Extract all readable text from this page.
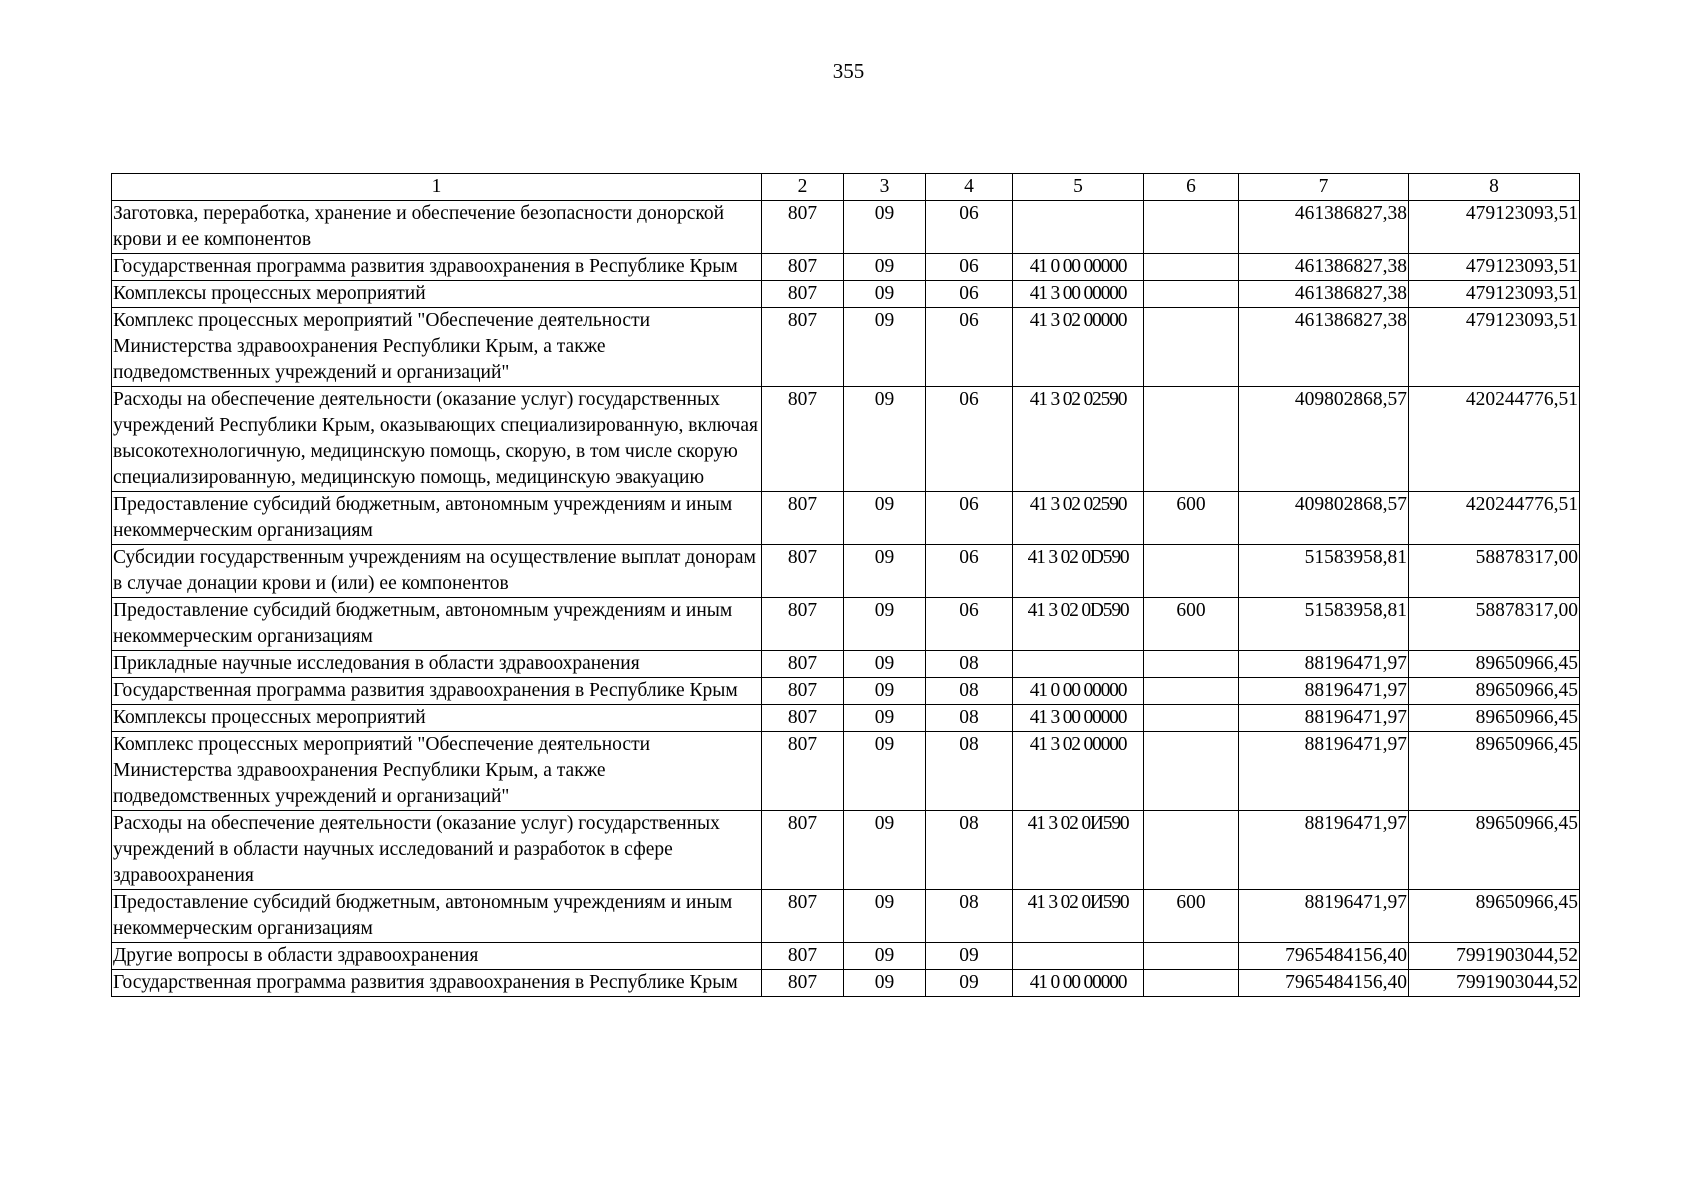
355
1	2	3	4	5	6	7	8
Заготовка, переработка, хранение и обеспечение безопасности донорской крови и ее компонентов	807	09	06			461386827,38	479123093,51
Государственная программа развития здравоохранения в Республике Крым	807	09	06	41 0 00 00000		461386827,38	479123093,51
Комплексы процессных мероприятий	807	09	06	41 3 00 00000		461386827,38	479123093,51
Комплекс процессных мероприятий "Обеспечение деятельности Министерства здравоохранения Республики Крым, а также подведомственных учреждений и организаций"	807	09	06	41 3 02 00000		461386827,38	479123093,51
Расходы на обеспечение деятельности (оказание услуг) государственных учреждений Республики Крым, оказывающих специализированную, включая высокотехнологичную, медицинскую помощь, скорую, в том числе скорую специализированную, медицинскую помощь, медицинскую эвакуацию	807	09	06	41 3 02 02590		409802868,57	420244776,51
Предоставление субсидий бюджетным, автономным учреждениям и иным некоммерческим организациям	807	09	06	41 3 02 02590	600	409802868,57	420244776,51
Субсидии государственным учреждениям на осуществление выплат донорам в случае донации крови и (или) ее компонентов	807	09	06	41 3 02 0D590		51583958,81	58878317,00
Предоставление субсидий бюджетным, автономным учреждениям и иным некоммерческим организациям	807	09	06	41 3 02 0D590	600	51583958,81	58878317,00
Прикладные научные исследования в области здравоохранения	807	09	08			88196471,97	89650966,45
Государственная программа развития здравоохранения в Республике Крым	807	09	08	41 0 00 00000		88196471,97	89650966,45
Комплексы процессных мероприятий	807	09	08	41 3 00 00000		88196471,97	89650966,45
Комплекс процессных мероприятий "Обеспечение деятельности Министерства здравоохранения Республики Крым, а также подведомственных учреждений и организаций"	807	09	08	41 3 02 00000		88196471,97	89650966,45
Расходы на обеспечение деятельности (оказание услуг) государственных учреждений в области научных исследований и разработок в сфере здравоохранения	807	09	08	41 3 02 0И590		88196471,97	89650966,45
Предоставление субсидий бюджетным, автономным учреждениям и иным некоммерческим организациям	807	09	08	41 3 02 0И590	600	88196471,97	89650966,45
Другие вопросы в области здравоохранения	807	09	09			7965484156,40	7991903044,52
Государственная программа развития здравоохранения в Республике Крым	807	09	09	41 0 00 00000		7965484156,40	7991903044,52
